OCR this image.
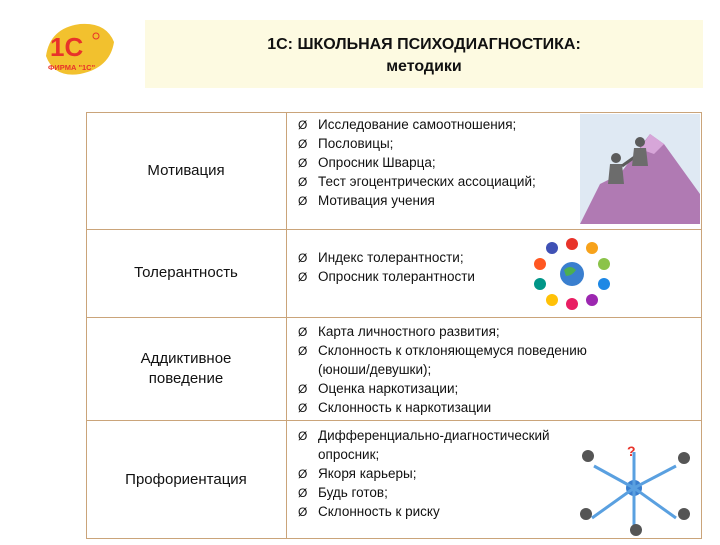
1С
ФИРМА "1С"
1С: ШКОЛЬНАЯ ПСИХОДИАГНОСТИКА:
методики
Мотивация
Ø Исследование самоотношения;
Ø Пословицы;
Ø Опросник Шварца;
Ø Тест эгоцентрических ассоциаций;
Ø Мотивация учения
Толерантность
Ø Индекс толерантности;
Ø Опросник толерантности
Аддиктивное
поведение
Ø Карта личностного развития;
Ø Склонность к отклоняющемуся поведению
(юноши/девушки);
Ø Оценка наркотизации;
Ø Склонность к наркотизации
Профориентация
Ø Дифференциально-диагностический
опросник;
Ø Якоря карьеры;
Ø Будь готов;
Ø Склонность к риску
?
